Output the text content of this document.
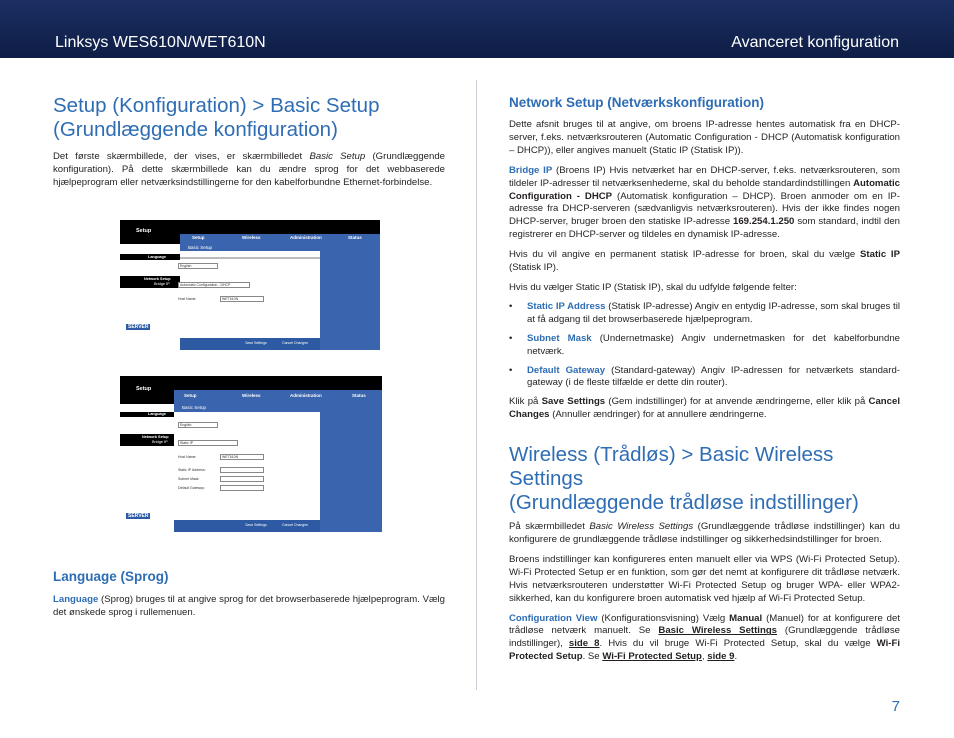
Linksys WES610N/WET610N	Avanceret konfiguration
Setup (Konfiguration) > Basic Setup
(Grundlæggende konfiguration)

Det første skærmbillede, der vises, er skærmbilledet Basic Setup (Grundlæggende konfiguration). På dette skærmbillede kan du ændre sprog for det webbaserede hjælpeprogram eller netværksindstillingerne for den kabelforbundne Ethernet-forbindelse.

Setup
Setup	Wireless	Administration	Status
Basic Setup
Language
English
Network Setup
Bridge IP	Automatic Configuration - DHCP
Host Name:	WET610N
SERVER
Save Settings	Cancel Changes
Setup
Setup	Wireless	Administration	Status
Basic Setup
Language
English
Network Setup
Bridge IP	Static IP
Host Name:	WET610N
Static IP Address:
Subnet Mask:
Default Gateway:
SERVER
Save Settings	Cancel Changes
Language (Sprog)

Language (Sprog) bruges til at angive sprog for det browserbaserede hjælpeprogram. Vælg det ønskede sprog i rullemenuen.

Network Setup (Netværkskonfiguration)

Dette afsnit bruges til at angive, om broens IP-adresse hentes automatisk fra en DHCP-server, f.eks. netværksrouteren (Automatic Configuration - DHCP (Automatisk konfiguration – DHCP)), eller angives manuelt (Static IP (Statisk IP)).

Bridge IP (Broens IP) Hvis netværket har en DHCP-server, f.eks. netværksrouteren, som tildeler IP-adresser til netværksenhederne, skal du beholde standardindstillingen Automatic Configuration - DHCP (Automatisk konfiguration – DHCP). Broen anmoder om en IP-adresse fra DHCP-serveren (sædvanligvis netværksrouteren). Hvis der ikke findes nogen DHCP-server, bruger broen den statiske IP-adresse 169.254.1.250 som standard, indtil den registrerer en DHCP-server og tildeles en dynamisk IP-adresse.

Hvis du vil angive en permanent statisk IP-adresse for broen, skal du vælge Static IP (Statisk IP).

Hvis du vælger Static IP (Statisk IP), skal du udfylde følgende felter:

• Static IP Address (Statisk IP-adresse) Angiv en entydig IP-adresse, som skal bruges til at få adgang til det browserbaserede hjælpeprogram.
• Subnet Mask (Undernetmaske) Angiv undernetmasken for det kabelforbundne netværk.
• Default Gateway (Standard-gateway) Angiv IP-adressen for netværkets standard-gateway (i de fleste tilfælde er dette din router).

Klik på Save Settings (Gem indstillinger) for at anvende ændringerne, eller klik på Cancel Changes (Annuller ændringer) for at annullere ændringerne.

Wireless (Trådløs) > Basic Wireless Settings
(Grundlæggende trådløse indstillinger)

På skærmbilledet Basic Wireless Settings (Grundlæggende trådløse indstillinger) kan du konfigurere de grundlæggende trådløse indstillinger og sikkerhedsindstillinger for broen.

Broens indstillinger kan konfigureres enten manuelt eller via WPS (Wi-Fi Protected Setup). Wi-Fi Protected Setup er en funktion, som gør det nemt at konfigurere dit trådløse netværk. Hvis netværksrouteren understøtter Wi-Fi Protected Setup og bruger WPA- eller WPA2-sikkerhed, kan du konfigurere broen automatisk ved hjælp af Wi-Fi Protected Setup.

Configuration View (Konfigurationsvisning) Vælg Manual (Manuel) for at konfigurere det trådløse netværk manuelt. Se Basic Wireless Settings (Grundlæggende trådløse indstillinger), side 8. Hvis du vil bruge Wi-Fi Protected Setup, skal du vælge Wi-Fi Protected Setup. Se Wi-Fi Protected Setup, side 9.

7
